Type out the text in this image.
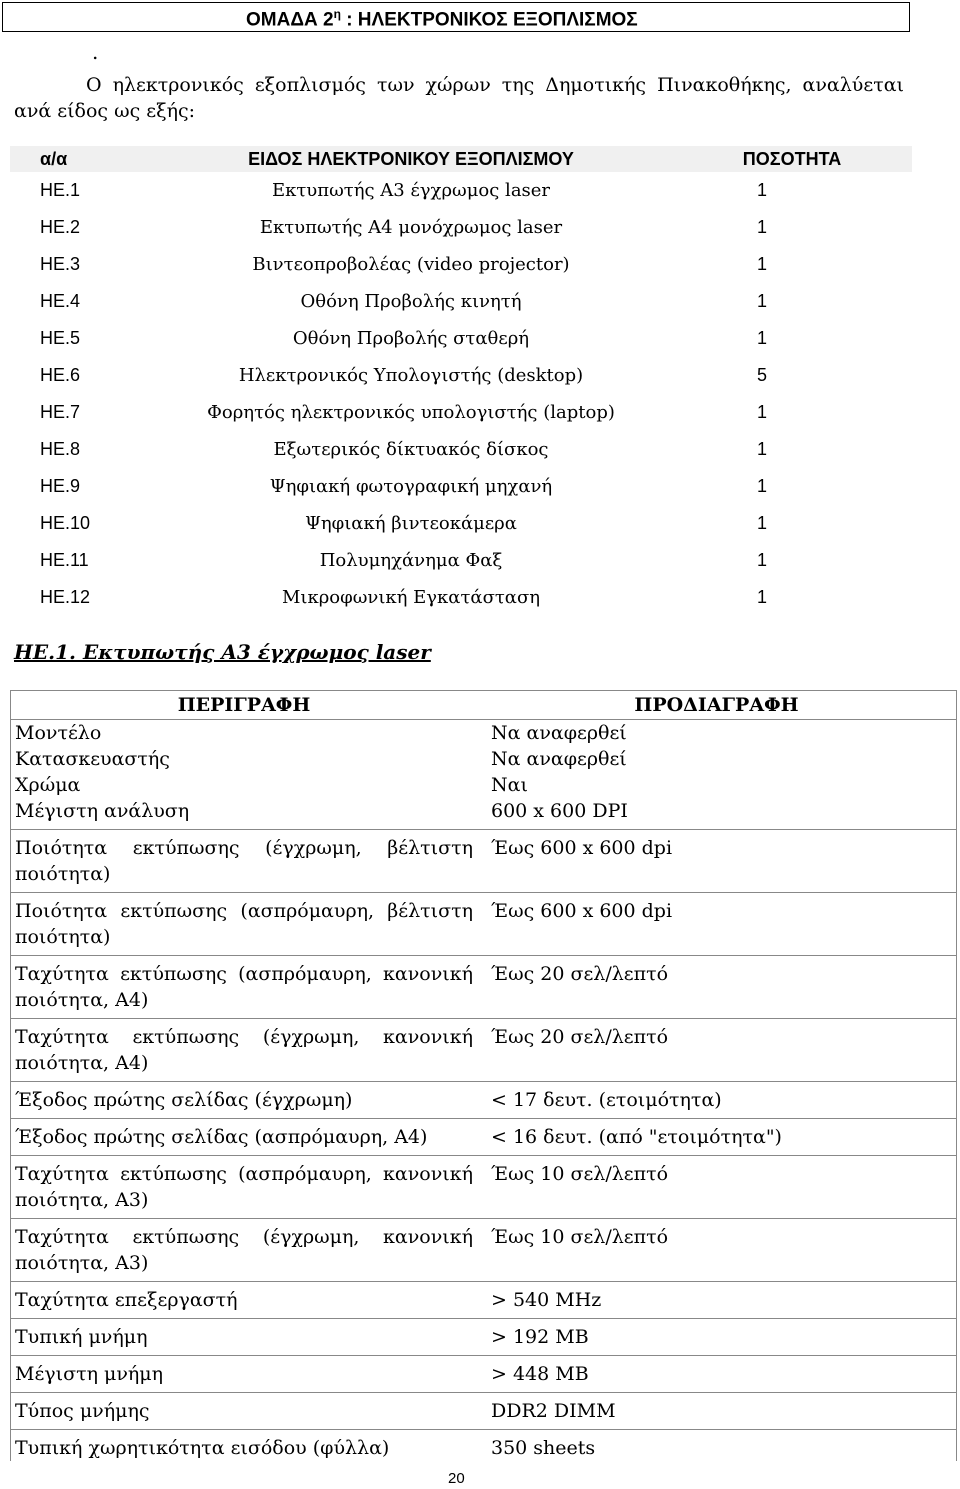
ΟΜΑΔΑ $2^\eta$ : ΗΛΕΚΤΡΟΝΙΚΟΣ ΕΞΟΠΛΙΣΜΟΣ
.
Ο ηλεκτρονικός εξοπλισμός των χώρων της Δημοτικής Πινακοθήκης, αναλύεται ανά είδος ως εξής:
α/α	ΕΙΔΟΣ ΗΛΕΚΤΡΟΝΙΚΟΥ ΕΞΟΠΛΙΣΜΟΥ	ΠΟΣΟΤΗΤΑ
ΗΕ.1	Εκτυπωτής Α3 έγχρωμος laser	1
ΗΕ.2	Εκτυπωτής Α4 μονόχρωμος laser	1
ΗΕ.3	Βιντεοπροβολέας (video projector)	1
ΗΕ.4	Οθόνη Προβολής κινητή	1
ΗΕ.5	Οθόνη Προβολής σταθερή	1
ΗΕ.6	Ηλεκτρονικός Υπολογιστής (desktop)	5
ΗΕ.7	Φορητός ηλεκτρονικός υπολογιστής (laptop)	1
ΗΕ.8	Εξωτερικός δίκτυακός δίσκος	1
ΗΕ.9	Ψηφιακή φωτογραφική μηχανή	1
ΗΕ.10	Ψηφιακή βιντεοκάμερα	1
ΗΕ.11	Πολυμηχάνημα Φαξ	1
ΗΕ.12	Μικροφωνική Εγκατάσταση	1
ΗΕ.1. Εκτυπωτής Α3 έγχρωμος laser
ΠΕΡΙΓΡΑΦΗ	ΠΡΟΔΙΑΓΡΑΦΗ
Μοντέλο	Να αναφερθεί
Κατασκευαστής	Να αναφερθεί
Χρώμα	Ναι
Μέγιστη ανάλυση	600 x 600 DPI
Ποιότητα εκτύπωσης (έγχρωμη, βέλτιστη ποιότητα)	Έως 600 x 600 dpi
Ποιότητα εκτύπωσης (ασπρόμαυρη, βέλτιστη ποιότητα)	Έως 600 x 600 dpi
Ταχύτητα εκτύπωσης (ασπρόμαυρη, κανονική ποιότητα, Α4)	Έως 20 σελ/λεπτό
Ταχύτητα εκτύπωσης (έγχρωμη, κανονική ποιότητα, Α4)	Έως 20 σελ/λεπτό
Έξοδος πρώτης σελίδας (έγχρωμη)	< 17 δευτ. (ετοιμότητα)
Έξοδος πρώτης σελίδας (ασπρόμαυρη, Α4)	< 16 δευτ. (από "ετοιμότητα")
Ταχύτητα εκτύπωσης (ασπρόμαυρη, κανονική ποιότητα, Α3)	Έως 10 σελ/λεπτό
Ταχύτητα εκτύπωσης (έγχρωμη, κανονική ποιότητα, Α3)	Έως 10 σελ/λεπτό
Ταχύτητα επεξεργαστή	> 540 MHz
Τυπική μνήμη	> 192 MB
Μέγιστη μνήμη	> 448 MB
Τύπος μνήμης	DDR2 DIMM
Τυπική χωρητικότητα εισόδου (φύλλα)	350 sheets
20
